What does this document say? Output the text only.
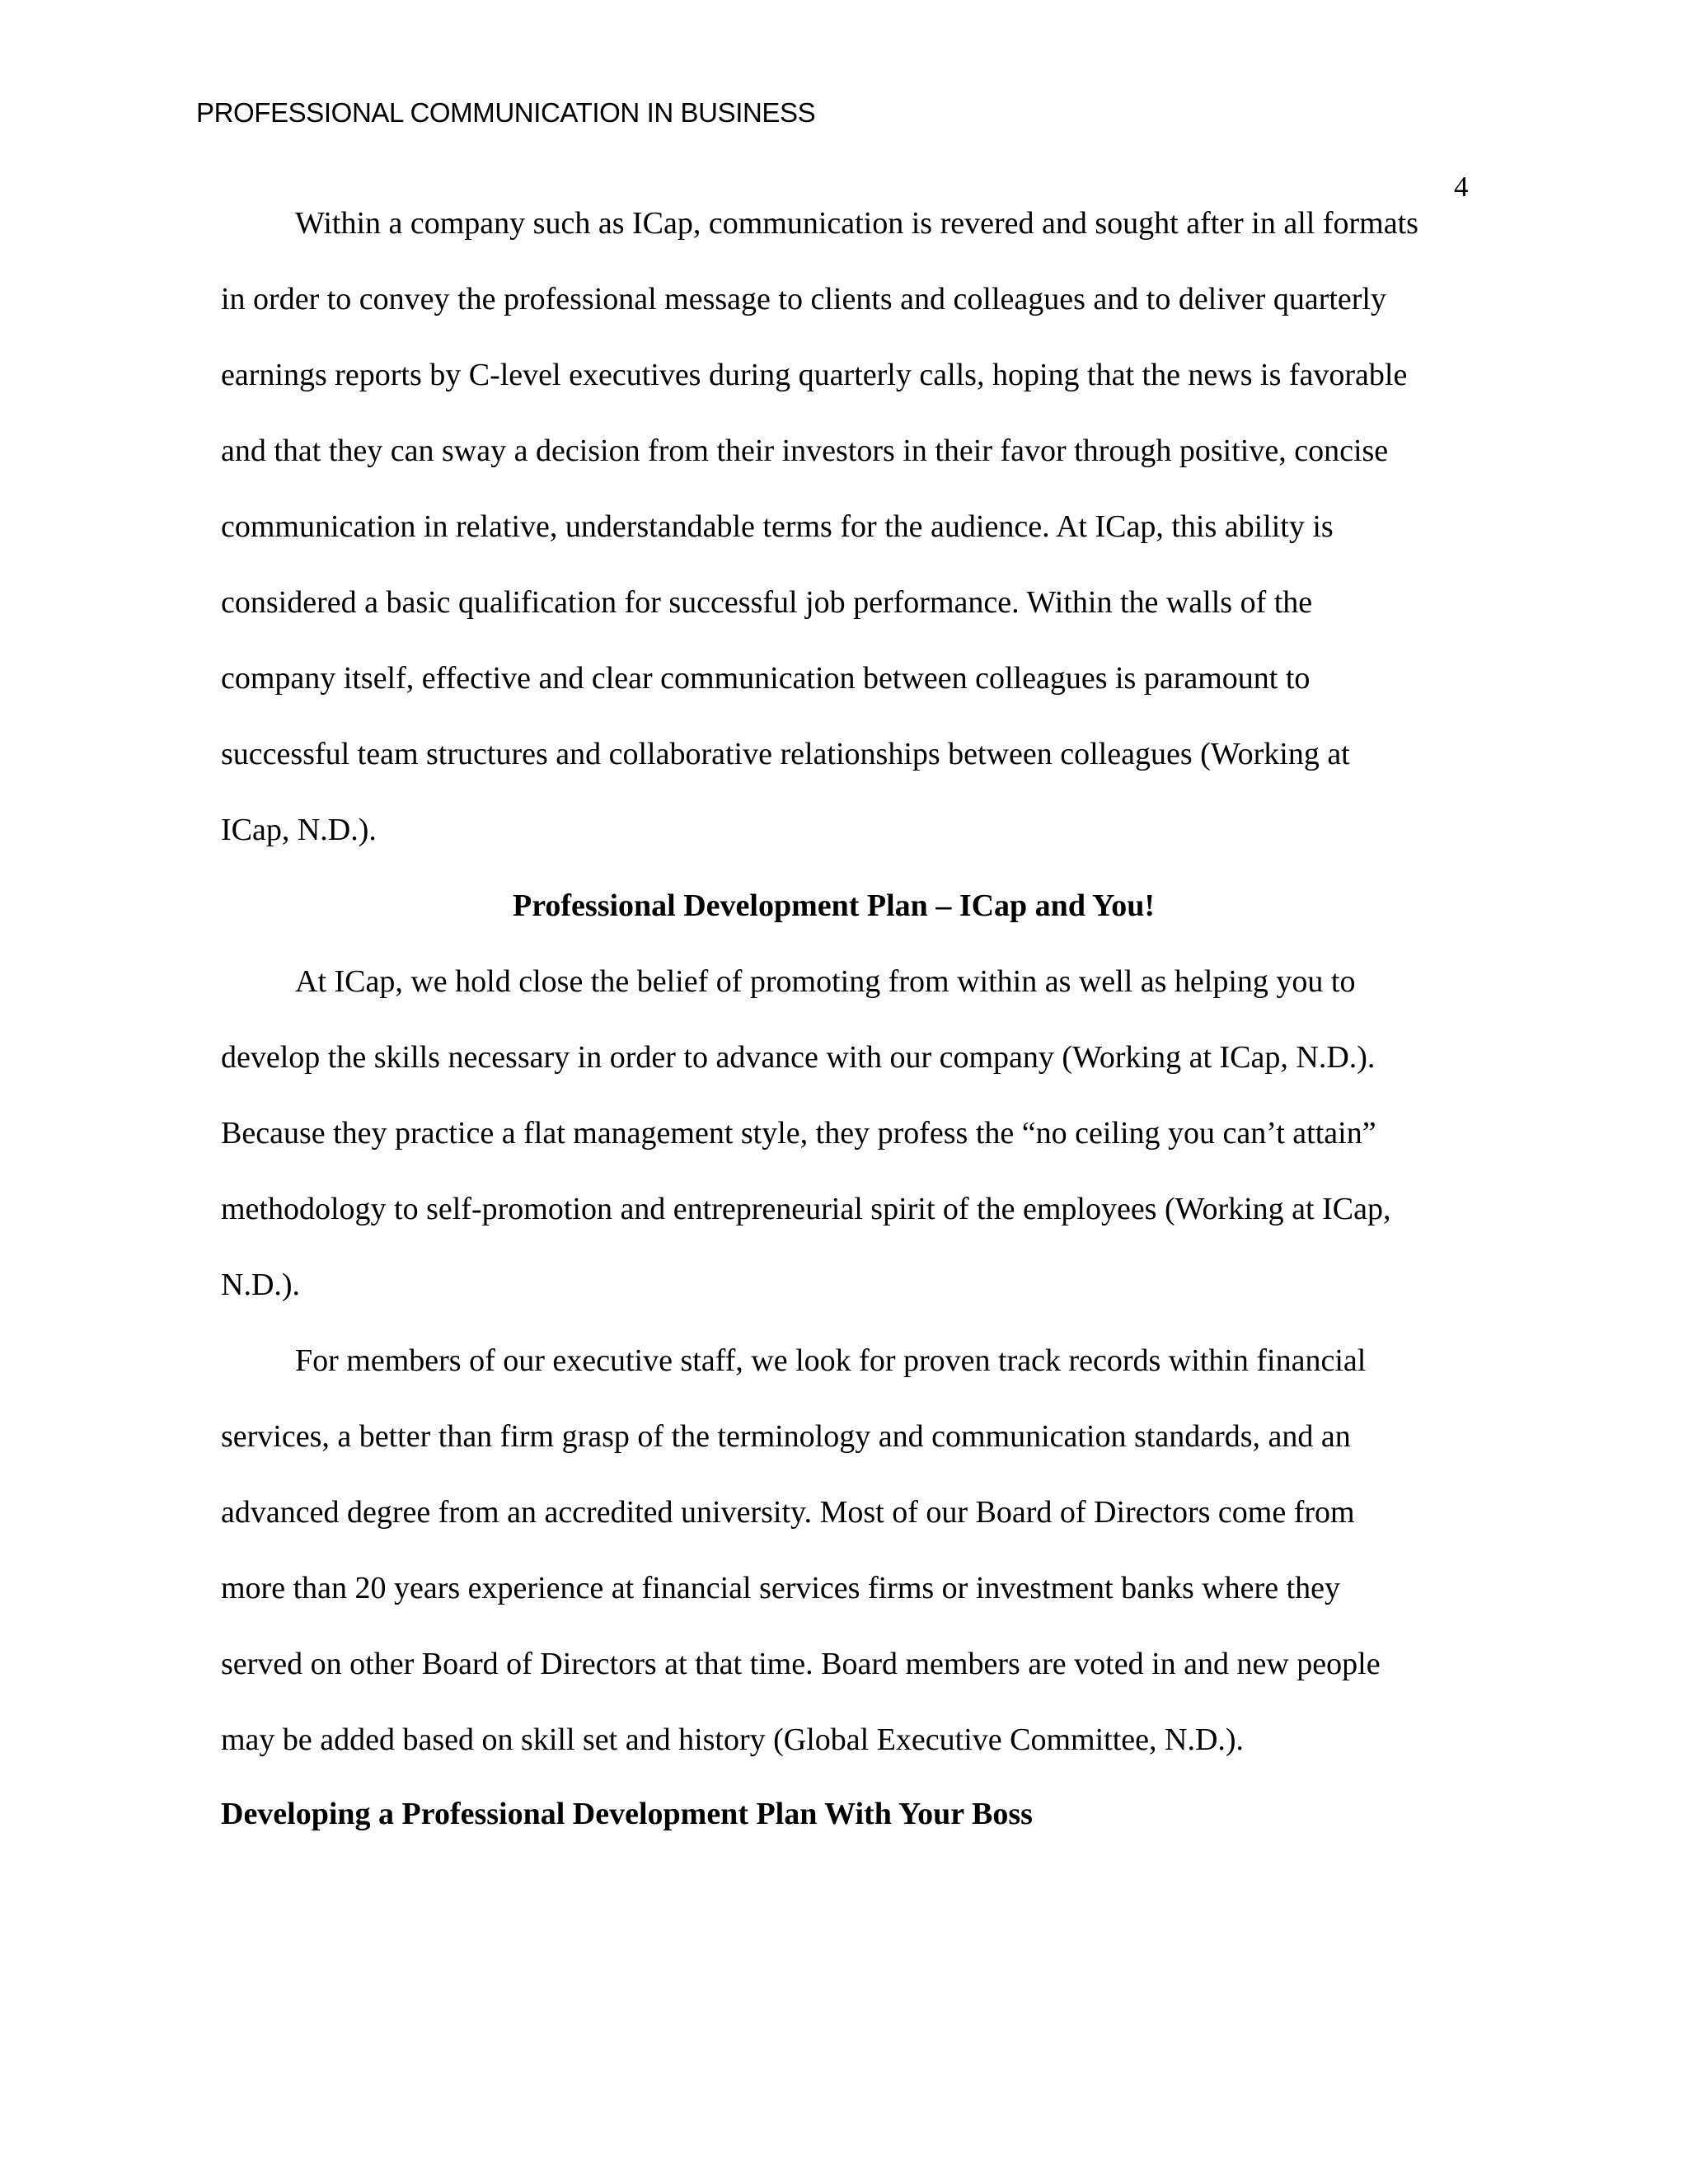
PROFESSIONAL COMMUNICATION IN BUSINESS
4
Within a company such as ICap, communication is revered and sought after in all formats
in order to convey the professional message to clients and colleagues and to deliver quarterly
earnings reports by C-level executives during quarterly calls, hoping that the news is favorable
and that they can sway a decision from their investors in their favor through positive, concise
communication in relative, understandable terms for the audience. At ICap, this ability is
considered a basic qualification for successful job performance. Within the walls of the
company itself, effective and clear communication between colleagues is paramount to
successful team structures and collaborative relationships between colleagues (Working at
ICap, N.D.).
Professional Development Plan – ICap and You!
At ICap, we hold close the belief of promoting from within as well as helping you to
develop the skills necessary in order to advance with our company (Working at ICap, N.D.).
Because they practice a flat management style, they profess the “no ceiling you can’t attain”
methodology to self-promotion and entrepreneurial spirit of the employees (Working at ICap,
N.D.).
For members of our executive staff, we look for proven track records within financial
services, a better than firm grasp of the terminology and communication standards, and an
advanced degree from an accredited university. Most of our Board of Directors come from
more than 20 years experience at financial services firms or investment banks where they
served on other Board of Directors at that time. Board members are voted in and new people
may be added based on skill set and history (Global Executive Committee, N.D.).
Developing a Professional Development Plan With Your Boss
